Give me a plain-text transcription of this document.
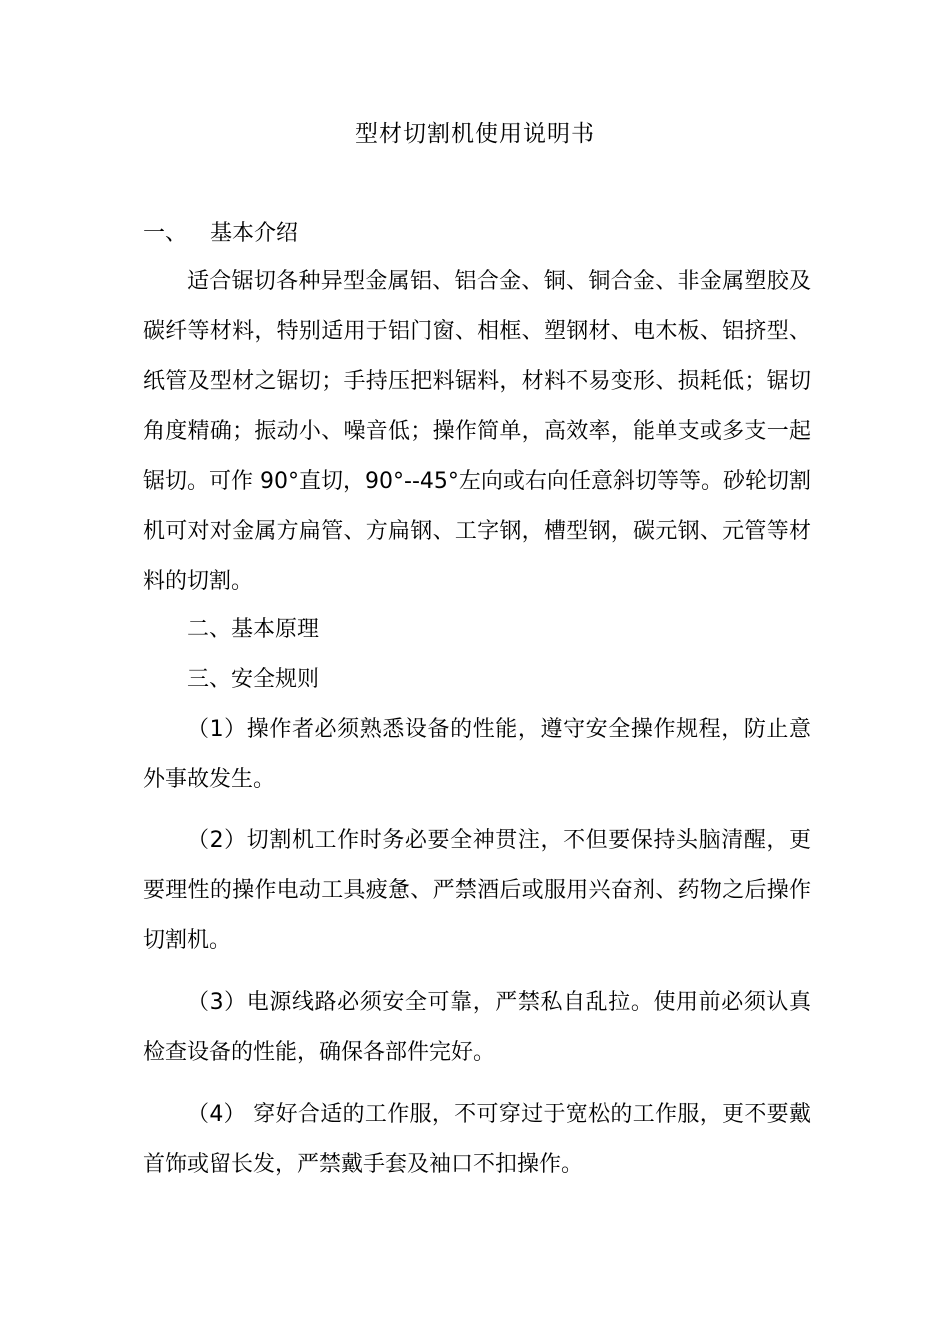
型材切割机使用说明书
一、 基本介绍
适合锯切各种异型金属铝、铝合金、铜、铜合金、非金属塑胶及碳纤等材料，特别适用于铝门窗、相框、塑钢材、电木板、铝挤型、纸管及型材之锯切；手持压把料锯料，材料不易变形、损耗低；锯切角度精确；振动小、噪音低；操作简单，高效率，能单支或多支一起锯切。可作 90°直切，90°--45°左向或右向任意斜切等等。砂轮切割机可对对金属方扁管、方扁钢、工字钢，槽型钢，碳元钢、元管等材料的切割。
二、基本原理
三、安全规则
（1）操作者必须熟悉设备的性能，遵守安全操作规程，防止意外事故发生。
（2）切割机工作时务必要全神贯注，不但要保持头脑清醒，更要理性的操作电动工具疲惫、严禁酒后或服用兴奋剂、药物之后操作切割机。
（3）电源线路必须安全可靠，严禁私自乱拉。使用前必须认真检查设备的性能，确保各部件完好。
（4） 穿好合适的工作服，不可穿过于宽松的工作服，更不要戴首饰或留长发，严禁戴手套及袖口不扣操作。
